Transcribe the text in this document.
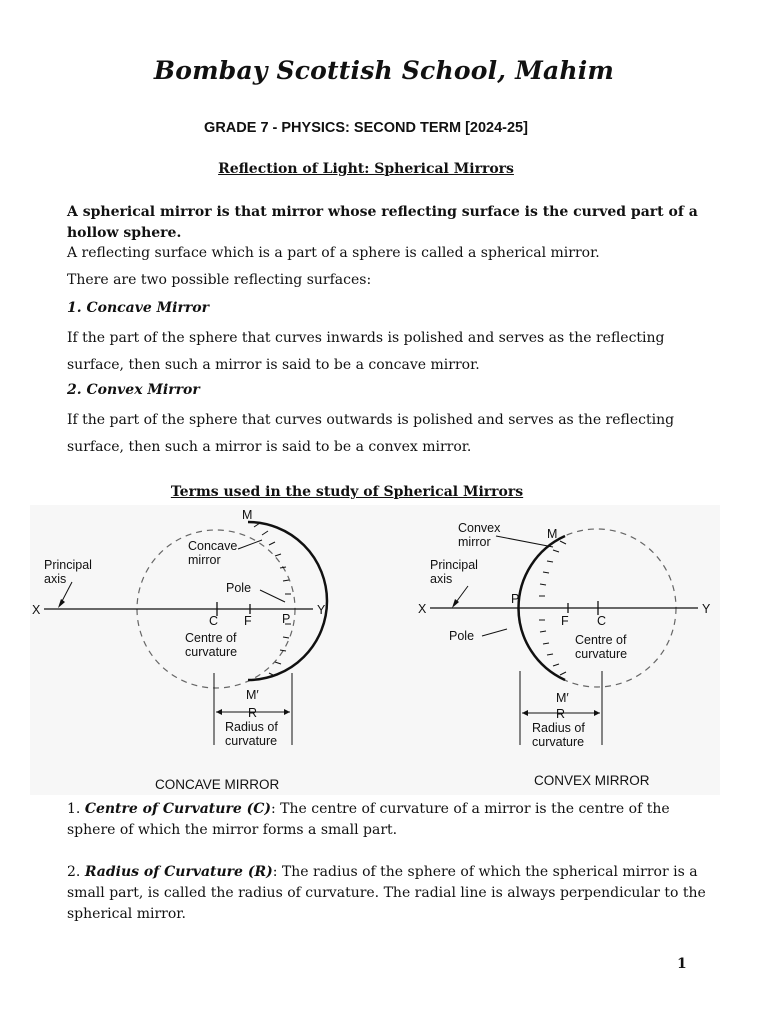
Bombay Scottish School, Mahim
GRADE 7 - PHYSICS: SECOND TERM [2024-25]
Reflection of Light: Spherical Mirrors
A spherical mirror is that mirror whose reflecting surface is the curved part of a hollow sphere.
A reflecting surface which is a part of a sphere is called a spherical mirror.
There are two possible reflecting surfaces:
1. Concave Mirror
If the part of the sphere that curves inwards is polished and serves as the reflecting surface, then such a mirror is said to be a concave mirror.
2. Convex Mirror
If the part of the sphere that curves outwards is polished and serves as the reflecting surface, then such a mirror is said to be a convex mirror.
Terms used in the study of Spherical Mirrors
M
Concave
mirror
Principal
axis
X	Y
Pole
C F P
Centre of
curvature
M′
R
Radius of
curvature
CONCAVE MIRROR
Convex
mirror
M
Principal
axis
X	Y
P
Pole
F C
Centre of
curvature
M′
R
Radius of
curvature
CONVEX MIRROR
1. Centre of Curvature (C): The centre of curvature of a mirror is the centre of the sphere of which the mirror forms a small part.
2. Radius of Curvature (R): The radius of the sphere of which the spherical mirror is a small part, is called the radius of curvature. The radial line is always perpendicular to the spherical mirror.
1
